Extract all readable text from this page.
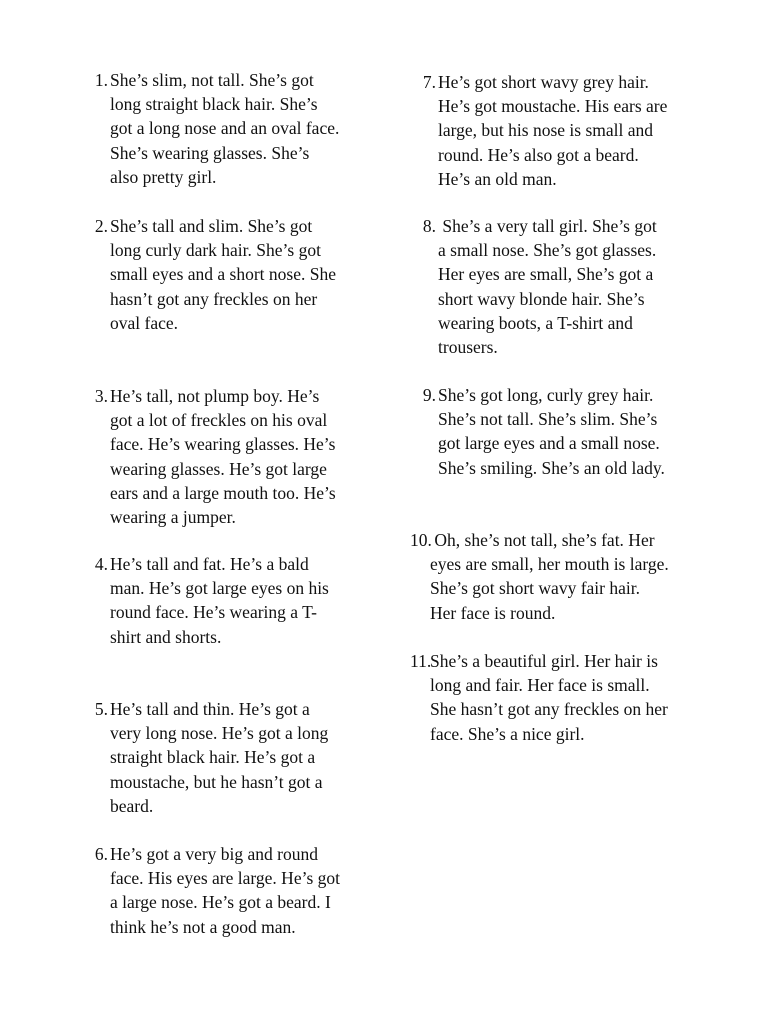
1. She’s slim, not tall. She’s got
long straight black hair. She’s
got a long nose and an oval face.
She’s wearing glasses. She’s
also pretty girl.
2. She’s tall and slim. She’s got
long curly dark hair. She’s got
small eyes and a short nose. She
hasn’t got any freckles on her
oval face.
3. He’s tall, not plump boy. He’s
got a lot of freckles on his oval
face. He’s wearing glasses. He’s
wearing glasses. He’s got large
ears and a large mouth too. He’s
wearing a jumper.
4. He’s tall and fat. He’s a bald
man. He’s got large eyes on his
round face. He’s wearing a T-
shirt and shorts.
5. He’s tall and thin. He’s got a
very long nose. He’s got a long
straight black hair. He’s got a
moustache, but he hasn’t got a
beard.
6. He’s got a very big and round
face. His eyes are large. He’s got
a large nose. He’s got a beard. I
think he’s not a good man.
7. He’s got short wavy grey hair.
He’s got moustache. His ears are
large, but his nose is small and
round. He’s also got a beard.
He’s an old man.
8. She’s a very tall girl. She’s got
a small nose. She’s got glasses.
Her eyes are small, She’s got a
short wavy blonde hair. She’s
wearing boots, a T-shirt and
trousers.
9. She’s got long, curly grey hair.
She’s not tall. She’s slim. She’s
got large eyes and a small nose.
She’s smiling. She’s an old lady.
10.
Oh, she’s not tall, she’s fat. Her
eyes are small, her mouth is large.
She’s got short wavy fair hair.
Her face is round.
11.
She’s a beautiful girl. Her hair is
long and fair. Her face is small.
She hasn’t got any freckles on her
face. She’s a nice girl.
